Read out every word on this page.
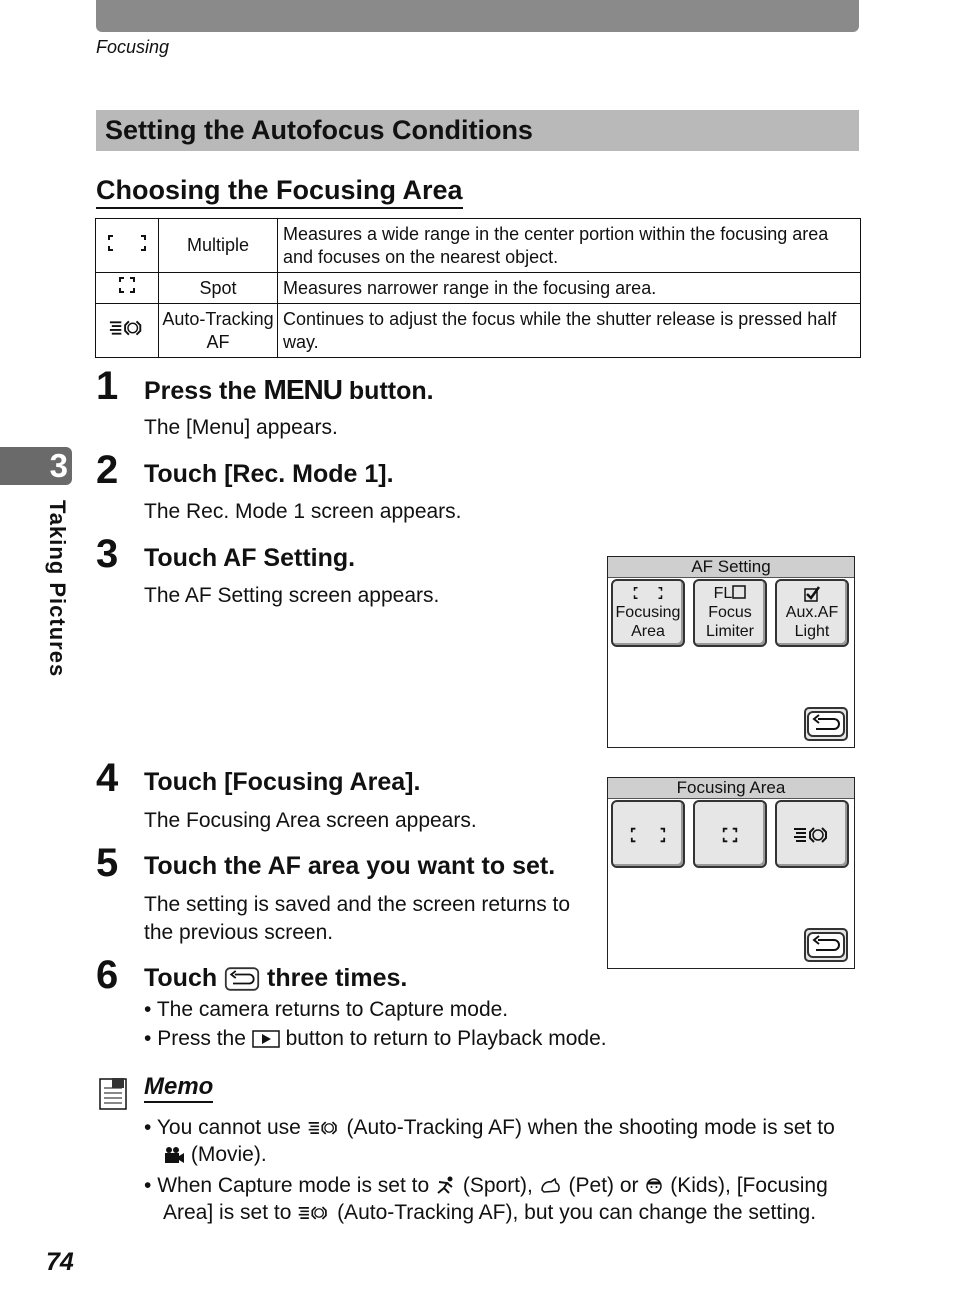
Focusing
Setting the Autofocus Conditions
Choosing the Focusing Area
	Multiple	Measures a wide range in the center portion within the focusing area and focuses on the nearest object.
	Spot	Measures narrower range in the focusing area.
	Auto-Tracking AF	Continues to adjust the focus while the shutter release is pressed half way.
1 Press the MENU button.
The [Menu] appears.
2 Touch [Rec. Mode 1].
The Rec. Mode 1 screen appears.
3 Touch AF Setting.
The AF Setting screen appears.
AF Setting
Focusing
Area
FL
Focus
Limiter
Aux.AF
Light
4 Touch [Focusing Area].
The Focusing Area screen appears.
5 Touch the AF area you want to set.
The setting is saved and the screen returns to
the previous screen.
Focusing Area
6 Touch  three times.
• The camera returns to Capture mode.
• Press the  button to return to Playback mode.
3
Taking Pictures
Memo
• You cannot use  (Auto-Tracking AF) when the shooting mode is set to
(Movie).
• When Capture mode is set to  (Sport),  (Pet) or  (Kids), [Focusing
Area] is set to  (Auto-Tracking AF), but you can change the setting.
74
